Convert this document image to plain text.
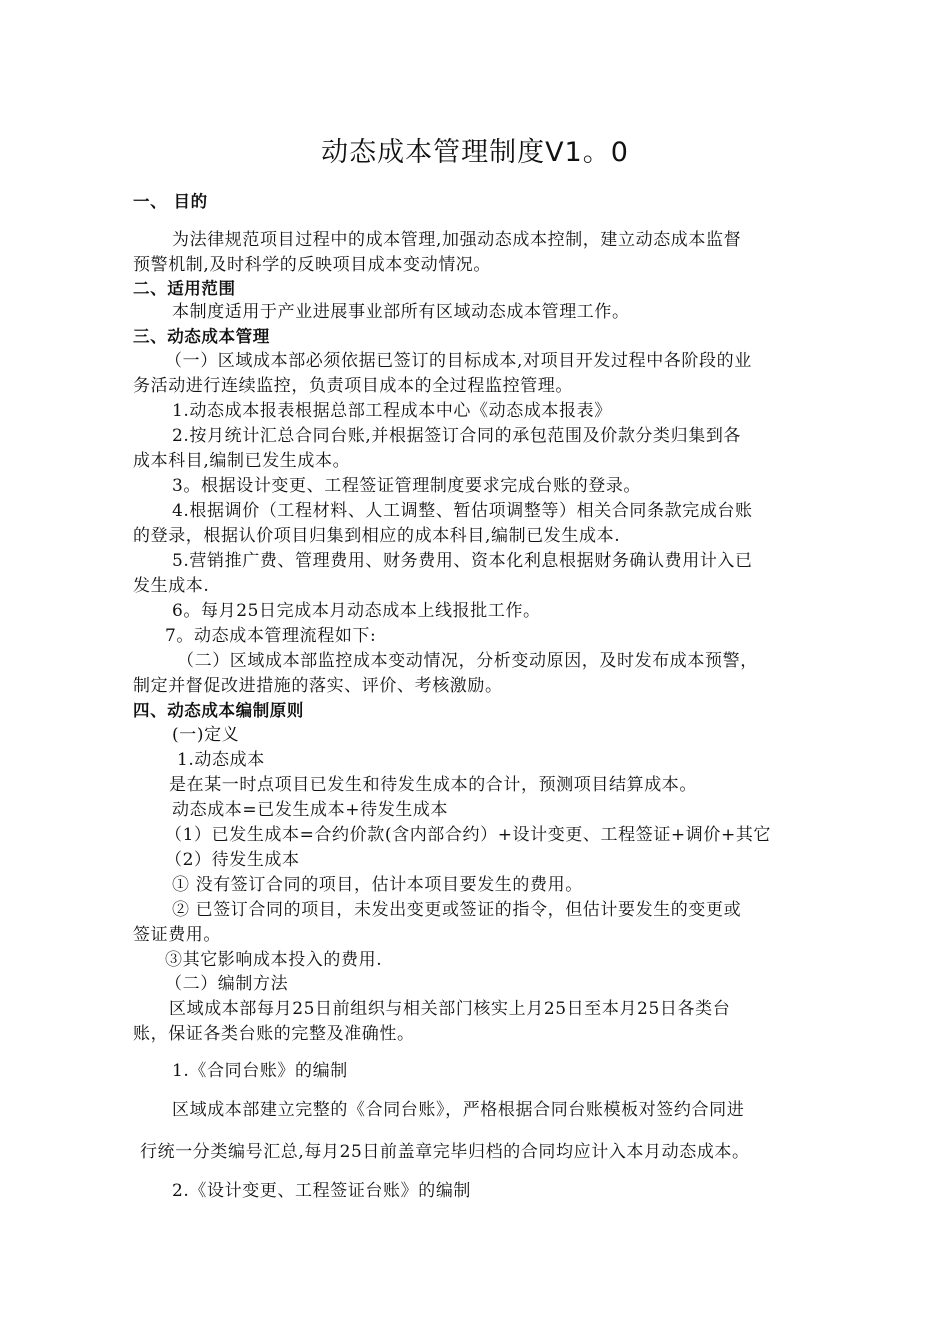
动态成本管理制度V1。0
一、 目的
为法律规范项目过程中的成本管理,加强动态成本控制，建立动态成本监督
预警机制,及时科学的反映项目成本变动情况。
二、适用范围
本制度适用于产业进展事业部所有区域动态成本管理工作。
三、动态成本管理
（一）区域成本部必须依据已签订的目标成本,对项目开发过程中各阶段的业
务活动进行连续监控，负责项目成本的全过程监控管理。
1.动态成本报表根据总部工程成本中心《动态成本报表》
2.按月统计汇总合同台账,并根据签订合同的承包范围及价款分类归集到各
成本科目,编制已发生成本。
3。根据设计变更、工程签证管理制度要求完成台账的登录。
4.根据调价（工程材料、人工调整、暂估项调整等）相关合同条款完成台账
的登录，根据认价项目归集到相应的成本科目,编制已发生成本.
5.营销推广费、管理费用、财务费用、资本化利息根据财务确认费用计入已
发生成本.
6。每月25日完成本月动态成本上线报批工作。
7。动态成本管理流程如下:
（二）区域成本部监控成本变动情况，分析变动原因，及时发布成本预警，
制定并督促改进措施的落实、评价、考核激励。
四、动态成本编制原则
(一)定义
1.动态成本
是在某一时点项目已发生和待发生成本的合计，预测项目结算成本。
动态成本=已发生成本+待发生成本
（1）已发生成本=合约价款(含内部合约）+设计变更、工程签证+调价+其它
（2）待发生成本
① 没有签订合同的项目，估计本项目要发生的费用。
② 已签订合同的项目，未发出变更或签证的指令，但估计要发生的变更或
签证费用。
③其它影响成本投入的费用.
（二）编制方法
区域成本部每月25日前组织与相关部门核实上月25日至本月25日各类台
账，保证各类台账的完整及准确性。
1.《合同台账》的编制
区域成本部建立完整的《合同台账》，严格根据合同台账模板对签约合同进
行统一分类编号汇总,每月25日前盖章完毕归档的合同均应计入本月动态成本。
2.《设计变更、工程签证台账》的编制
